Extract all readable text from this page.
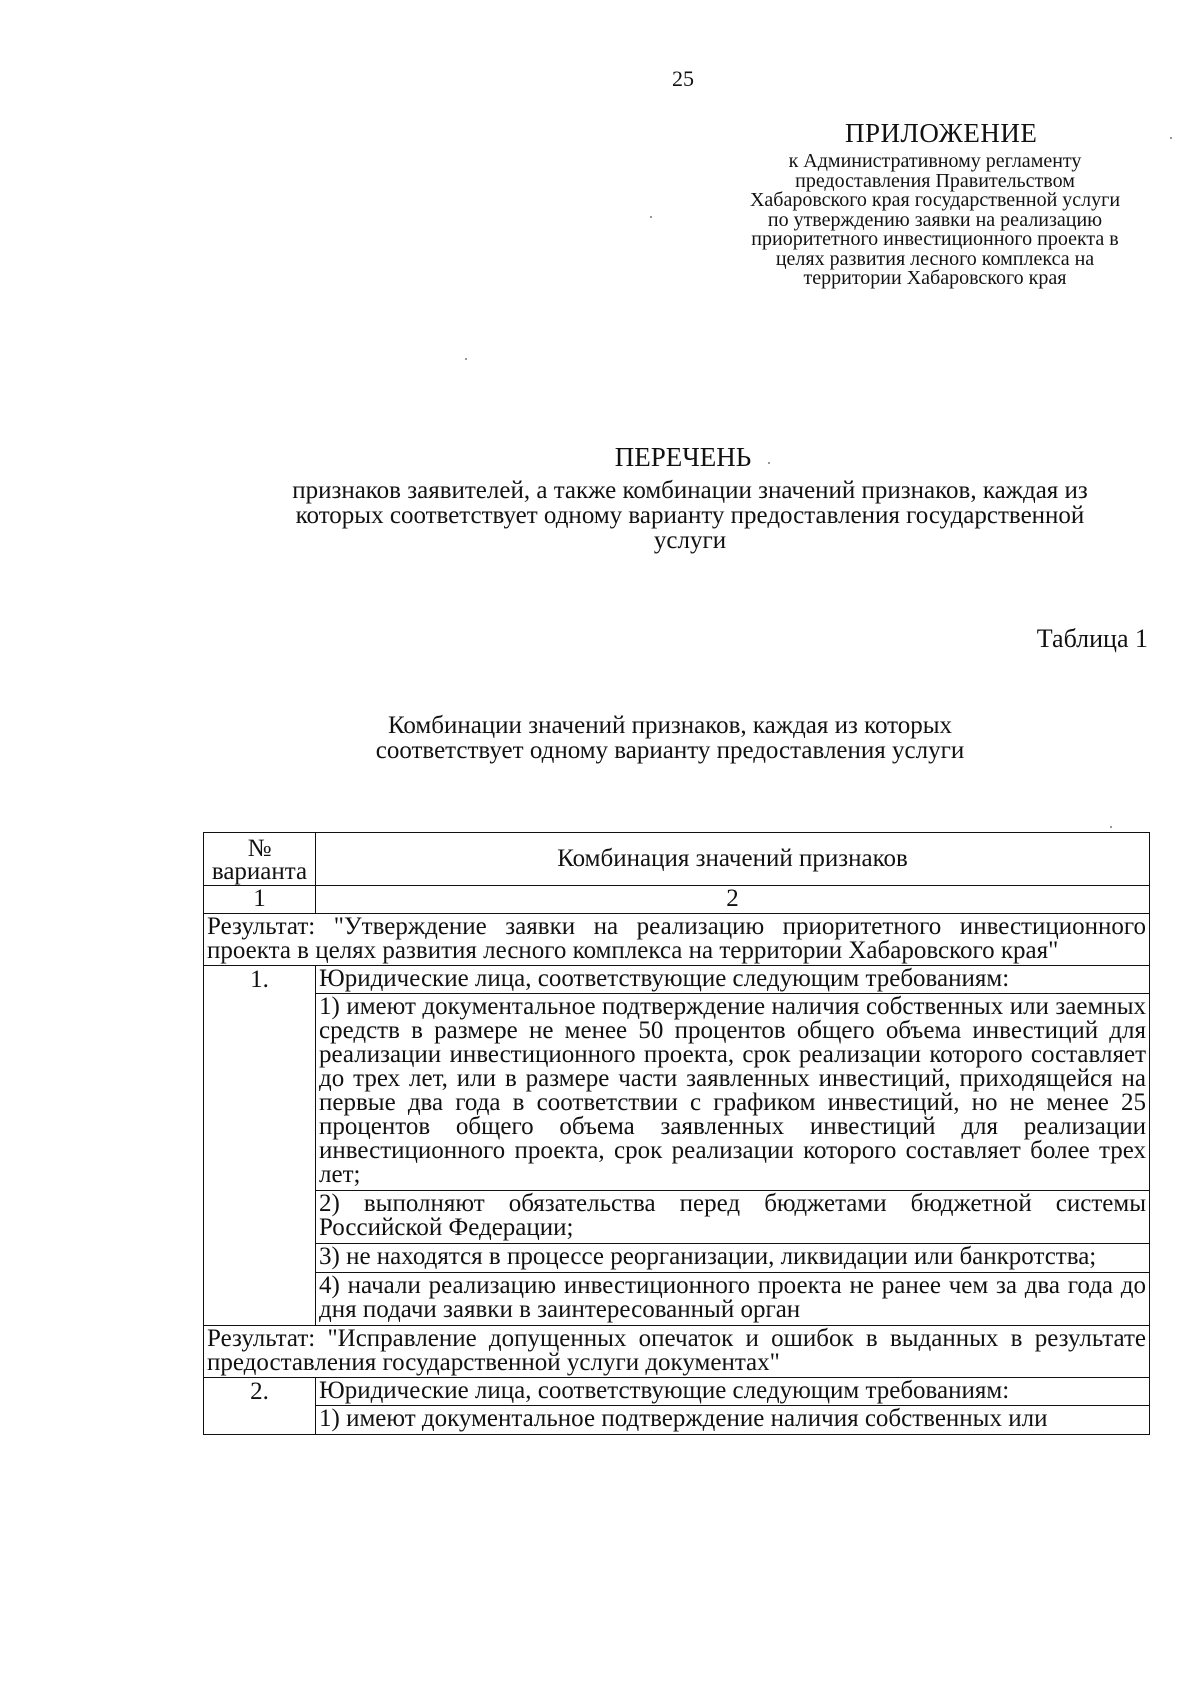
25
ПРИЛОЖЕНИЕ
к Административному регламенту предоставления Правительством Хабаровского края государственной услуги по утверждению заявки на реализацию приоритетного инвестиционного проекта в целях развития лесного комплекса на территории Хабаровского края
ПЕРЕЧЕНЬ
признаков заявителей, а также комбинации значений признаков, каждая из которых соответствует одному варианту предоставления государственной услуги
Таблица 1
Комбинации значений признаков, каждая из которых соответствует одному варианту предоставления услуги
№ варианта	Комбинация значений признаков
1	2
Результат: "Утверждение заявки на реализацию приоритетного инвестиционного проекта в целях развития лесного комплекса на территории Хабаровского края"	
1.	Юридические лица, соответствующие следующим требованиям:
1) имеют документальное подтверждение наличия собственных или заемных средств в размере не менее 50 процентов общего объема инвестиций для реализации инвестиционного проекта, срок реализации которого составляет до трех лет, или в размере части заявленных инвестиций, приходящейся на первые два года в соответствии с графиком инвестиций, но не менее 25 процентов общего объема заявленных инвестиций для реализации инвестиционного проекта, срок реализации которого составляет более трех лет;
2) выполняют обязательства перед бюджетами бюджетной системы Российской Федерации;
3) не находятся в процессе реорганизации, ликвидации или банкротства;
4) начали реализацию инвестиционного проекта не ранее чем за два года до дня подачи заявки в заинтересованный орган

Результат: "Исправление допущенных опечаток и ошибок в выданных в результате предоставления государственной услуги документах"	
2.	Юридические лица, соответствующие следующим требованиям:
1) имеют документальное подтверждение наличия собственных или
